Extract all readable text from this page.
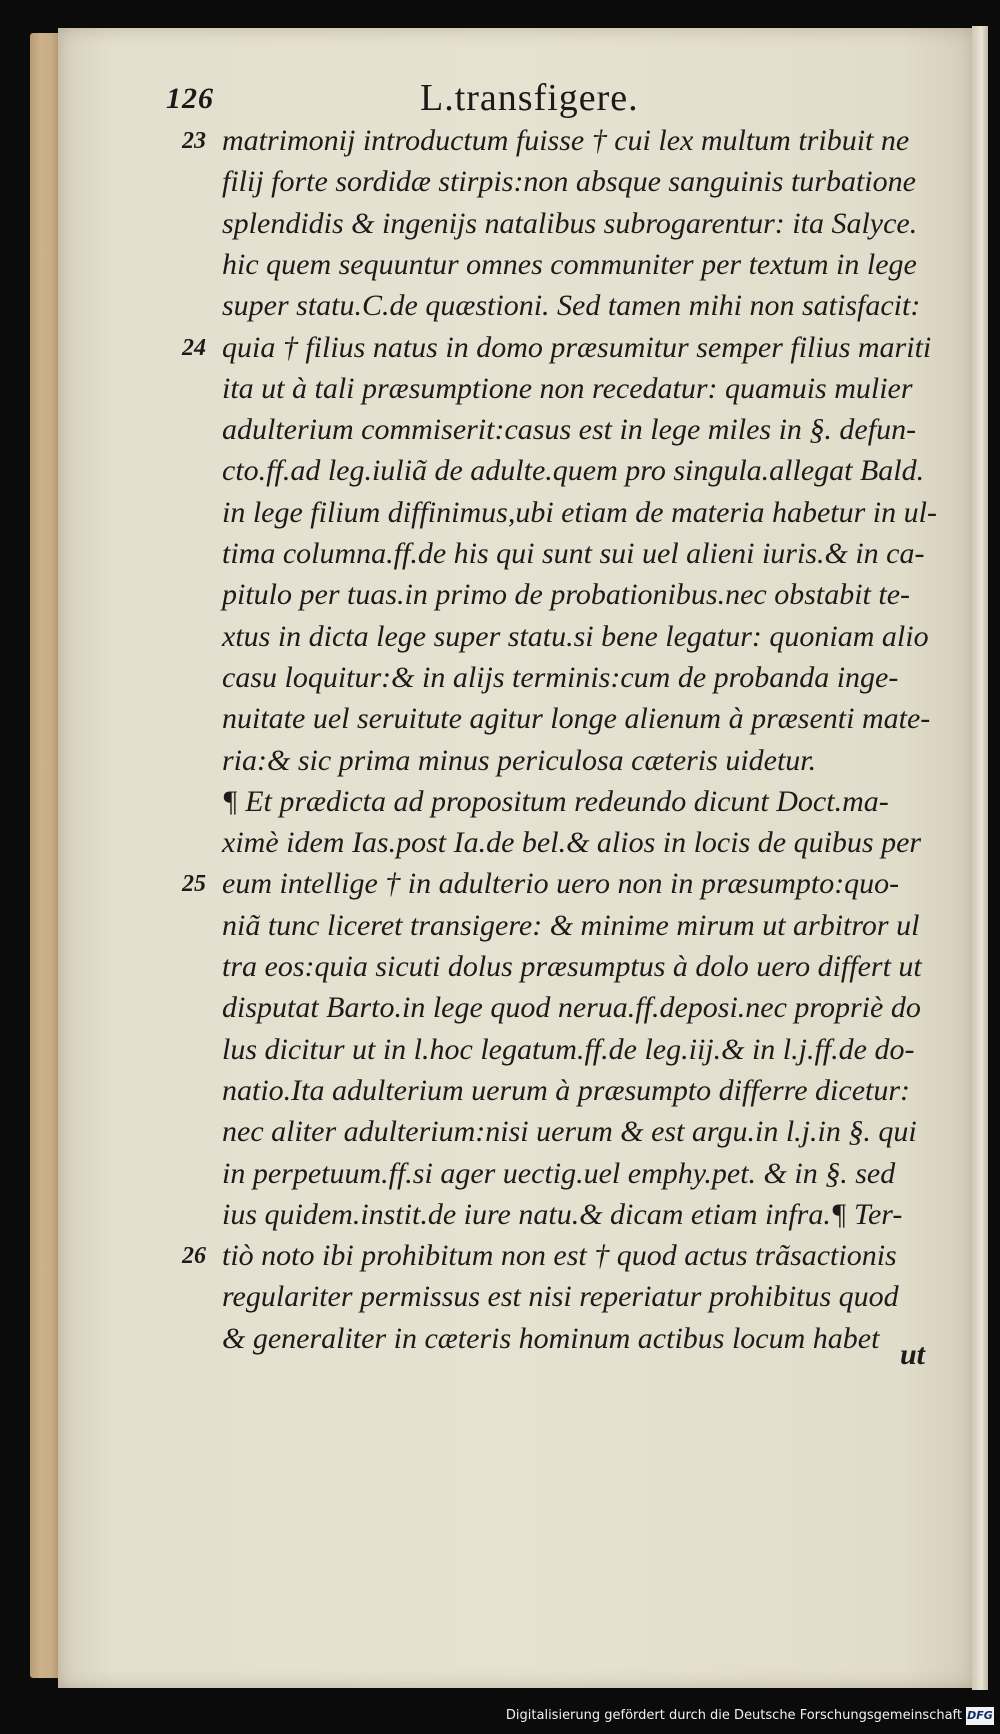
126	L.transfigere.
23 matrimonij introductum fuisse † cui lex multum tribuit ne
filij forte sordidæ stirpis:non absque sanguinis turbatione
splendidis & ingenijs natalibus subrogarentur: ita Salyce.
hic quem sequuntur omnes communiter per textum in lege
super statu.C.de quæstioni. Sed tamen mihi non satisfacit:
24 quia † filius natus in domo præsumitur semper filius mariti
ita ut à tali præsumptione non recedatur: quamuis mulier
adulterium commiserit:casus est in lege miles in §. defun-
cto.ff.ad leg.iuliã de adulte.quem pro singula.allegat Bald.
in lege filium diffinimus,ubi etiam de materia habetur in ul-
tima columna.ff.de his qui sunt sui uel alieni iuris.& in ca-
pitulo per tuas.in primo de probationibus.nec obstabit te-
xtus in dicta lege super statu.si bene legatur: quoniam alio
casu loquitur:& in alijs terminis:cum de probanda inge-
nuitate uel seruitute agitur longe alienum à præsenti mate-
ria:& sic prima minus periculosa cæteris uidetur.
¶ Et prædicta ad propositum redeundo dicunt Doct.ma-
ximè idem Ias.post Ia.de bel.& alios in locis de quibus per
25 eum intellige † in adulterio uero non in præsumpto:quo-
niã tunc liceret transigere: & minime mirum ut arbitror ul
tra eos:quia sicuti dolus præsumptus à dolo uero differt ut
disputat Barto.in lege quod nerua.ff.deposi.nec propriè do
lus dicitur ut in l.hoc legatum.ff.de leg.iij.& in l.j.ff.de do-
natio.Ita adulterium uerum à præsumpto differre dicetur:
nec aliter adulterium:nisi uerum & est argu.in l.j.in §. qui
in perpetuum.ff.si ager uectig.uel emphy.pet. & in §. sed
ius quidem.instit.de iure natu.& dicam etiam infra.¶ Ter-
26 tiò noto ibi prohibitum non est † quod actus trãsactionis
regulariter permissus est nisi reperiatur prohibitus quod
& generaliter in cæteris hominum actibus locum habet ut
Digitalisierung gefördert durch die Deutsche Forschungsgemeinschaft DFG
